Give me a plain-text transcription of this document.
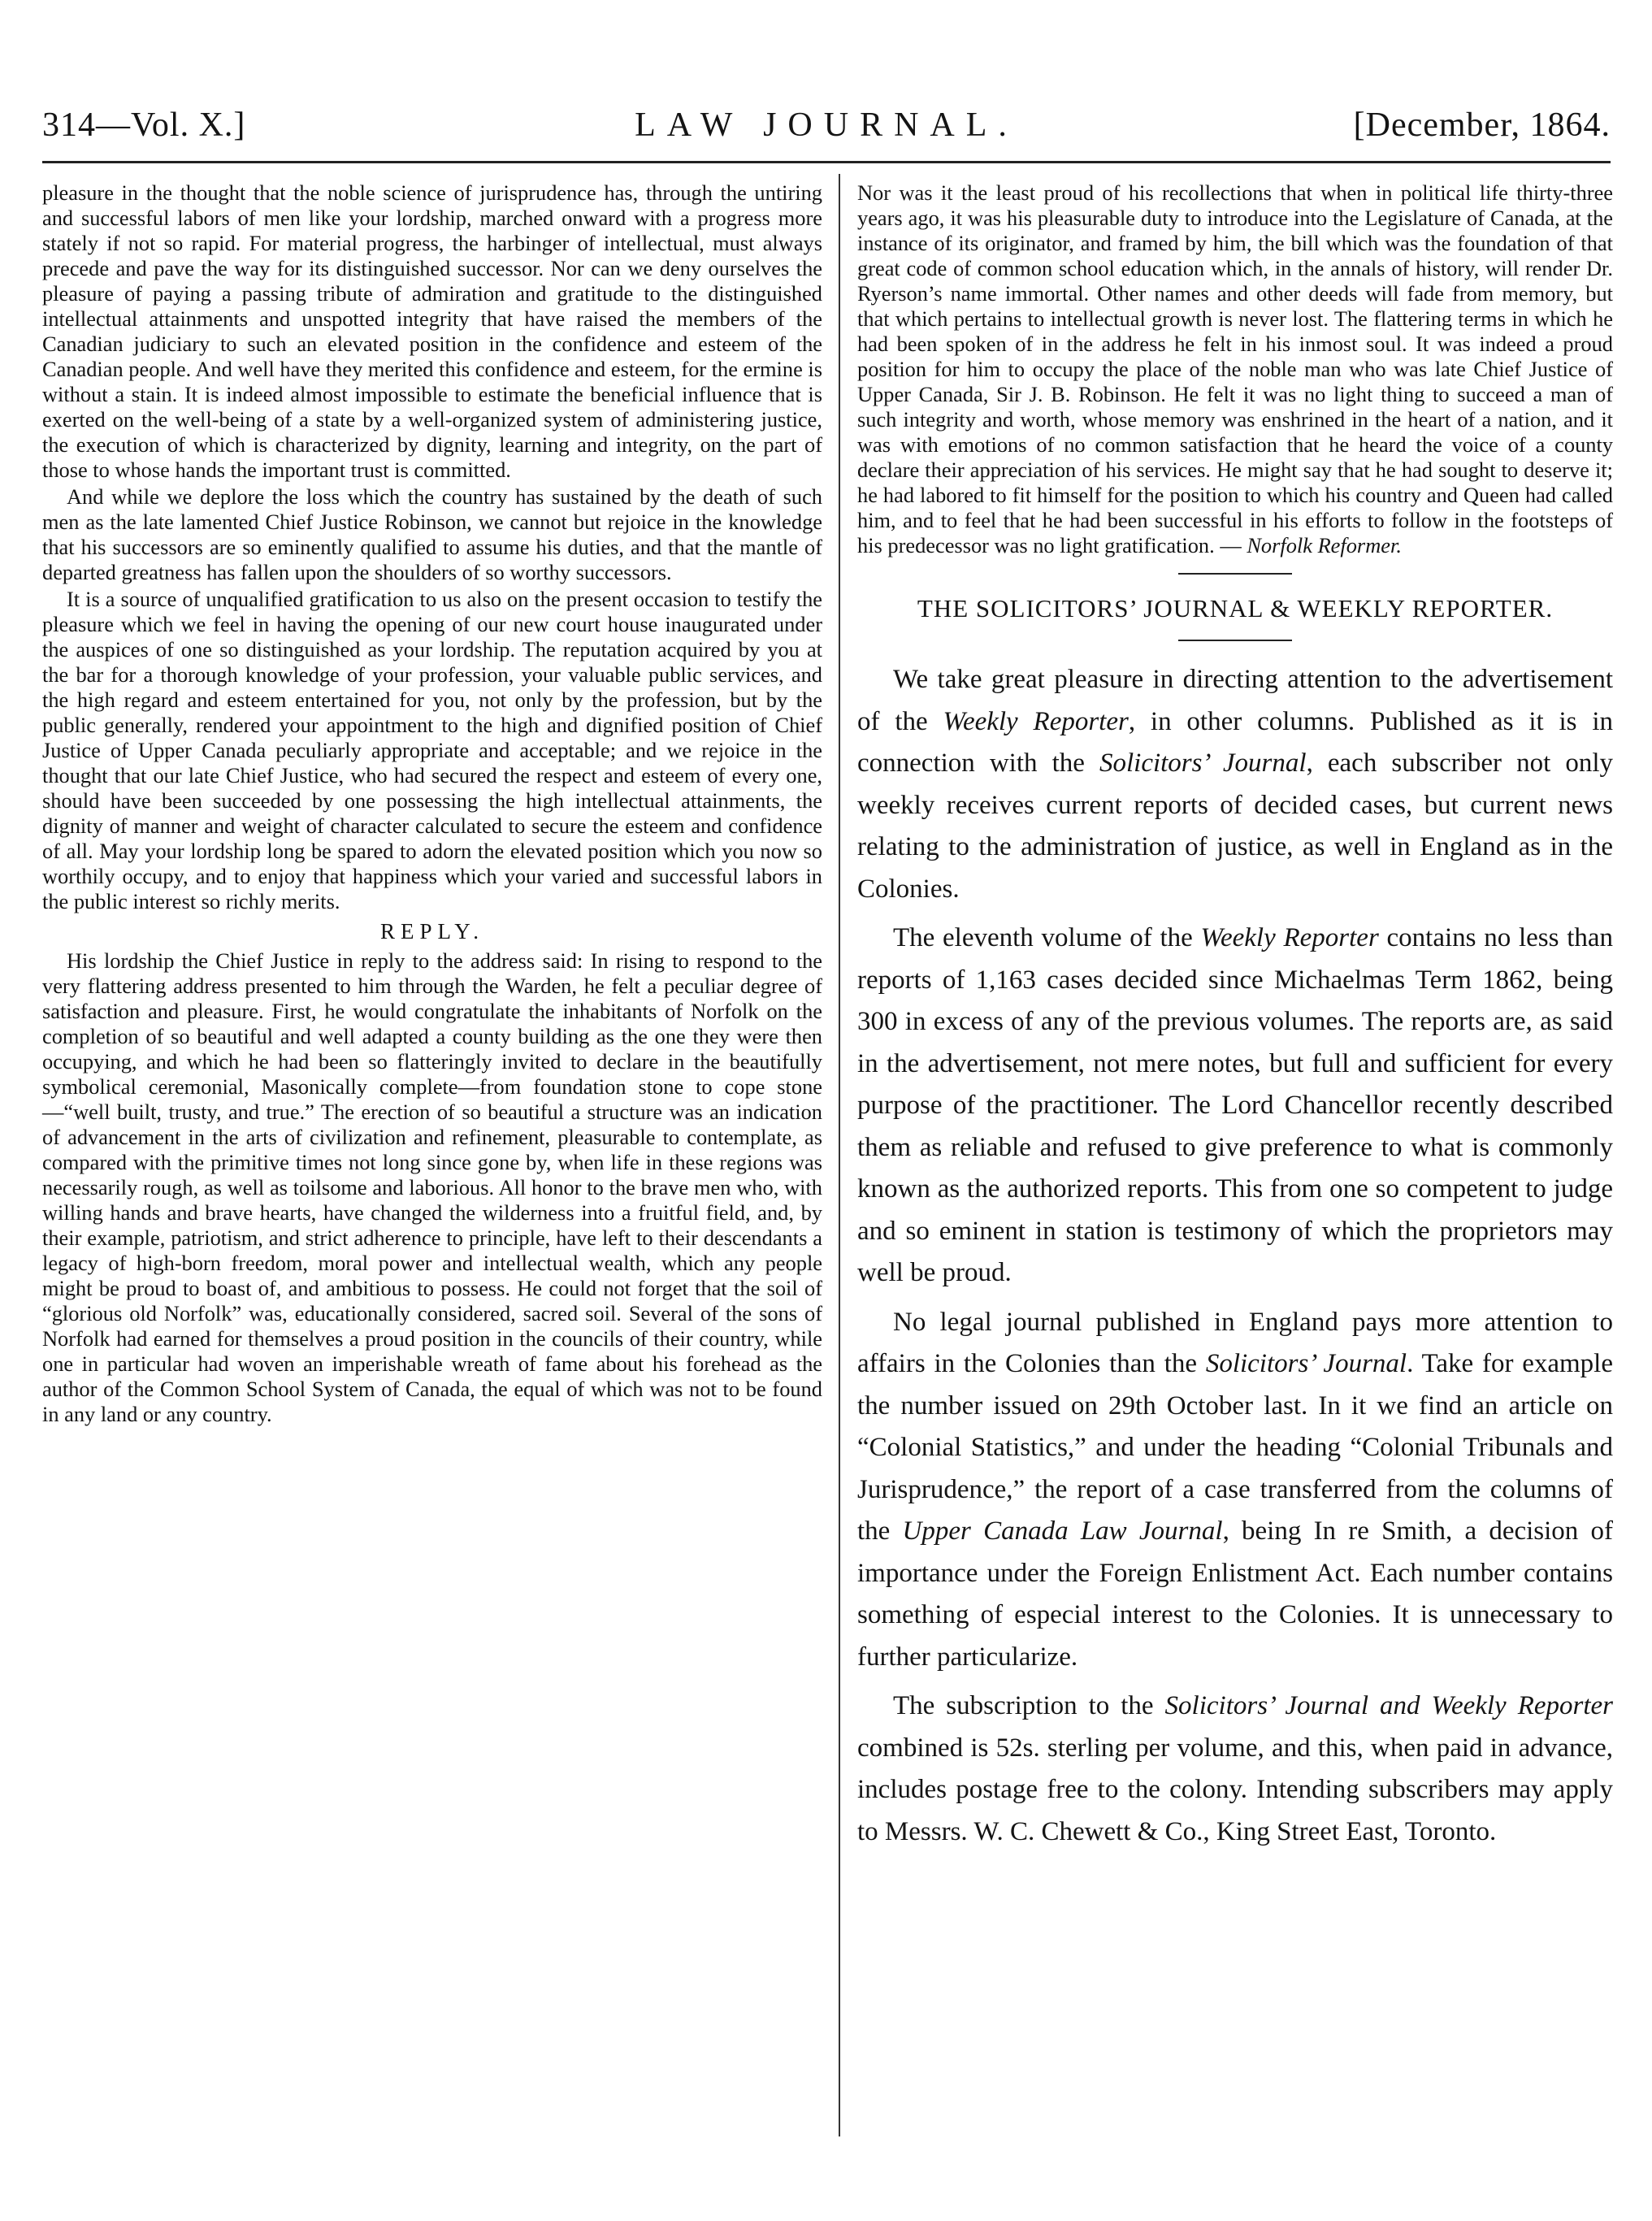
314—Vol. X.]	LAW JOURNAL.	[December, 1864.

pleasure in the thought that the noble science of jurisprudence has, through the untiring and successful labors of men like your lordship, marched onward with a progress more stately if not so rapid. For material progress, the harbinger of intellectual, must always precede and pave the way for its distinguished successor. Nor can we deny ourselves the pleasure of paying a passing tribute of admiration and gratitude to the distinguished intellectual attainments and unspotted integrity that have raised the members of the Canadian judiciary to such an elevated position in the confidence and esteem of the Canadian people. And well have they merited this confidence and esteem, for the ermine is without a stain. It is indeed almost impossible to estimate the beneficial influence that is exerted on the well-being of a state by a well-organized system of administering justice, the execution of which is characterized by dignity, learning and integrity, on the part of those to whose hands the important trust is committed.

And while we deplore the loss which the country has sustained by the death of such men as the late lamented Chief Justice Robinson, we cannot but rejoice in the knowledge that his successors are so eminently qualified to assume his duties, and that the mantle of departed greatness has fallen upon the shoulders of so worthy successors.

It is a source of unqualified gratification to us also on the present occasion to testify the pleasure which we feel in having the opening of our new court house inaugurated under the auspices of one so distinguished as your lordship. The reputation acquired by you at the bar for a thorough knowledge of your profession, your valuable public services, and the high regard and esteem entertained for you, not only by the profession, but by the public generally, rendered your appointment to the high and dignified position of Chief Justice of Upper Canada peculiarly appropriate and acceptable; and we rejoice in the thought that our late Chief Justice, who had secured the respect and esteem of every one, should have been succeeded by one possessing the high intellectual attainments, the dignity of manner and weight of character calculated to secure the esteem and confidence of all. May your lordship long be spared to adorn the elevated position which you now so worthily occupy, and to enjoy that happiness which your varied and successful labors in the public interest so richly merits.

REPLY.

His lordship the Chief Justice in reply to the address said: In rising to respond to the very flattering address presented to him through the Warden, he felt a peculiar degree of satisfaction and pleasure. First, he would congratulate the inhabitants of Norfolk on the completion of so beautiful and well adapted a county building as the one they were then occupying, and which he had been so flatteringly invited to declare in the beautifully symbolical ceremonial, Masonically complete—from foundation stone to cope stone—“well built, trusty, and true.” The erection of so beautiful a structure was an indication of advancement in the arts of civilization and refinement, pleasurable to contemplate, as compared with the primitive times not long since gone by, when life in these regions was necessarily rough, as well as toilsome and laborious. All honor to the brave men who, with willing hands and brave hearts, have changed the wilderness into a fruitful field, and, by their example, patriotism, and strict adherence to principle, have left to their descendants a legacy of high-born freedom, moral power and intellectual wealth, which any people might be proud to boast of, and ambitious to possess. He could not forget that the soil of “glorious old Norfolk” was, educationally considered, sacred soil. Several of the sons of Norfolk had earned for themselves a proud position in the councils of their country, while one in particular had woven an imperishable wreath of fame about his forehead as the author of the Common School System of Canada, the equal of which was not to be found in any land or any country.

Nor was it the least proud of his recollections that when in political life thirty-three years ago, it was his pleasurable duty to introduce into the Legislature of Canada, at the instance of its originator, and framed by him, the bill which was the foundation of that great code of common school education which, in the annals of history, will render Dr. Ryerson’s name immortal. Other names and other deeds will fade from memory, but that which pertains to intellectual growth is never lost. The flattering terms in which he had been spoken of in the address he felt in his inmost soul. It was indeed a proud position for him to occupy the place of the noble man who was late Chief Justice of Upper Canada, Sir J. B. Robinson. He felt it was no light thing to succeed a man of such integrity and worth, whose memory was enshrined in the heart of a nation, and it was with emotions of no common satisfaction that he heard the voice of a county declare their appreciation of his services. He might say that he had sought to deserve it; he had labored to fit himself for the position to which his country and Queen had called him, and to feel that he had been successful in his efforts to follow in the footsteps of his predecessor was no light gratification. — Norfolk Reformer.

THE SOLICITORS’ JOURNAL & WEEKLY REPORTER.

We take great pleasure in directing attention to the advertisement of the Weekly Reporter, in other columns. Published as it is in connection with the Solicitors’ Journal, each subscriber not only weekly receives current reports of decided cases, but current news relating to the administration of justice, as well in England as in the Colonies.

The eleventh volume of the Weekly Reporter contains no less than reports of 1,163 cases decided since Michaelmas Term 1862, being 300 in excess of any of the previous volumes. The reports are, as said in the advertisement, not mere notes, but full and sufficient for every purpose of the practitioner. The Lord Chancellor recently described them as reliable and refused to give preference to what is commonly known as the authorized reports. This from one so competent to judge and so eminent in station is testimony of which the proprietors may well be proud.

No legal journal published in England pays more attention to affairs in the Colonies than the Solicitors’ Journal. Take for example the number issued on 29th October last. In it we find an article on “Colonial Statistics,” and under the heading “Colonial Tribunals and Jurisprudence,” the report of a case transferred from the columns of the Upper Canada Law Journal, being In re Smith, a decision of importance under the Foreign Enlistment Act. Each number contains something of especial interest to the Colonies. It is unnecessary to further particularize.

The subscription to the Solicitors’ Journal and Weekly Reporter combined is 52s. sterling per volume, and this, when paid in advance, includes postage free to the colony. Intending subscribers may apply to Messrs. W. C. Chewett & Co., King Street East, Toronto.
